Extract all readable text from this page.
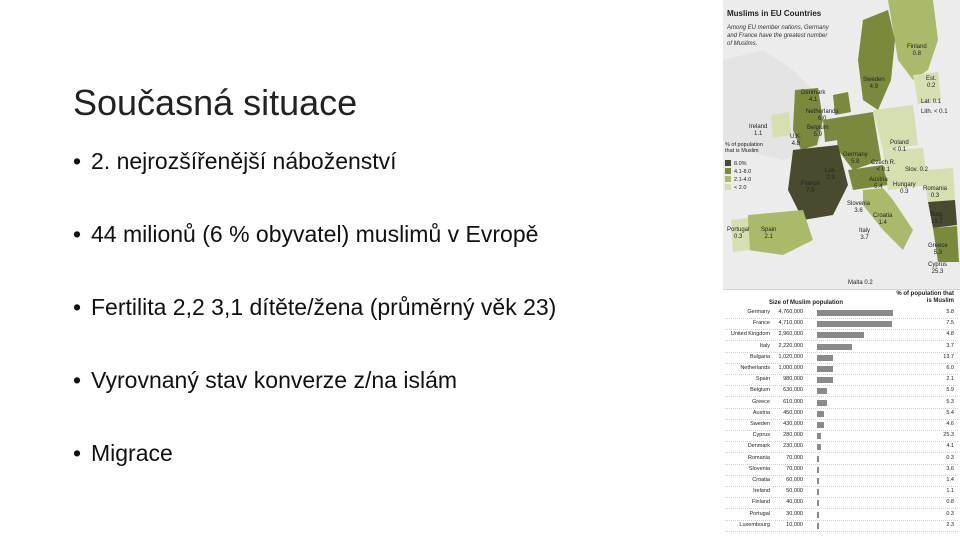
Současná situace
• 2. nejrozšířenější náboženství
• 44 milionů (6 % obyvatel) muslimů v Evropě
• Fertilita 2,2 3,1 dítěte/žena (průměrný věk 23)
• Vyrovnaný stav konverze z/na islám
• Migrace
Muslims in EU Countries
Among EU member nations, Germany and France have the greatest number of Muslims.
% of population that is Muslim
8.0%
4.1-8.0
2.1-4.0
< 2.0
Finland
0.8
Sweden
4.9
Est.
0.2
Lat. 0.1
Lith. < 0.1
Denmark
4.1
Netherlands
6.0
Ireland
1.1	U.K.
4.8
Belgium
5.9
Poland
< 0.1
Germany
5.8	Czech R.
< 0.1	Slov. 0.2
Lux.
2.3	Austria
5.4	Hungary
0.3	Romania
0.3
France
7.5
Slovenia
3.6
Croatia
1.4
Bulg.
13.7
Portugal
0.3
Spain
2.1
Italy
3.7
Greece
5.3
Cyprus
25.3
Malta 0.2
Size of Muslim population
% of population that is Muslim
Germany	4,760,000	5.8
France	4,710,000	7.5
United Kingdom	2,960,000	4.8
Italy	2,220,000	3.7
Bulgaria	1,020,000	13.7
Netherlands	1,000,000	6.0
Spain	980,000	2.1
Belgium	630,000	5.9
Greece	610,000	5.3
Austria	450,000	5.4
Sweden	430,000	4.6
Cyprus	280,000	25.3
Denmark	230,000	4.1
Romania	70,000	0.3
Slovenia	70,000	3.6
Croatia	60,000	1.4
Ireland	50,000	1.1
Finland	40,000	0.8
Portugal	30,000	0.3
Luxembourg	10,000	2.3
